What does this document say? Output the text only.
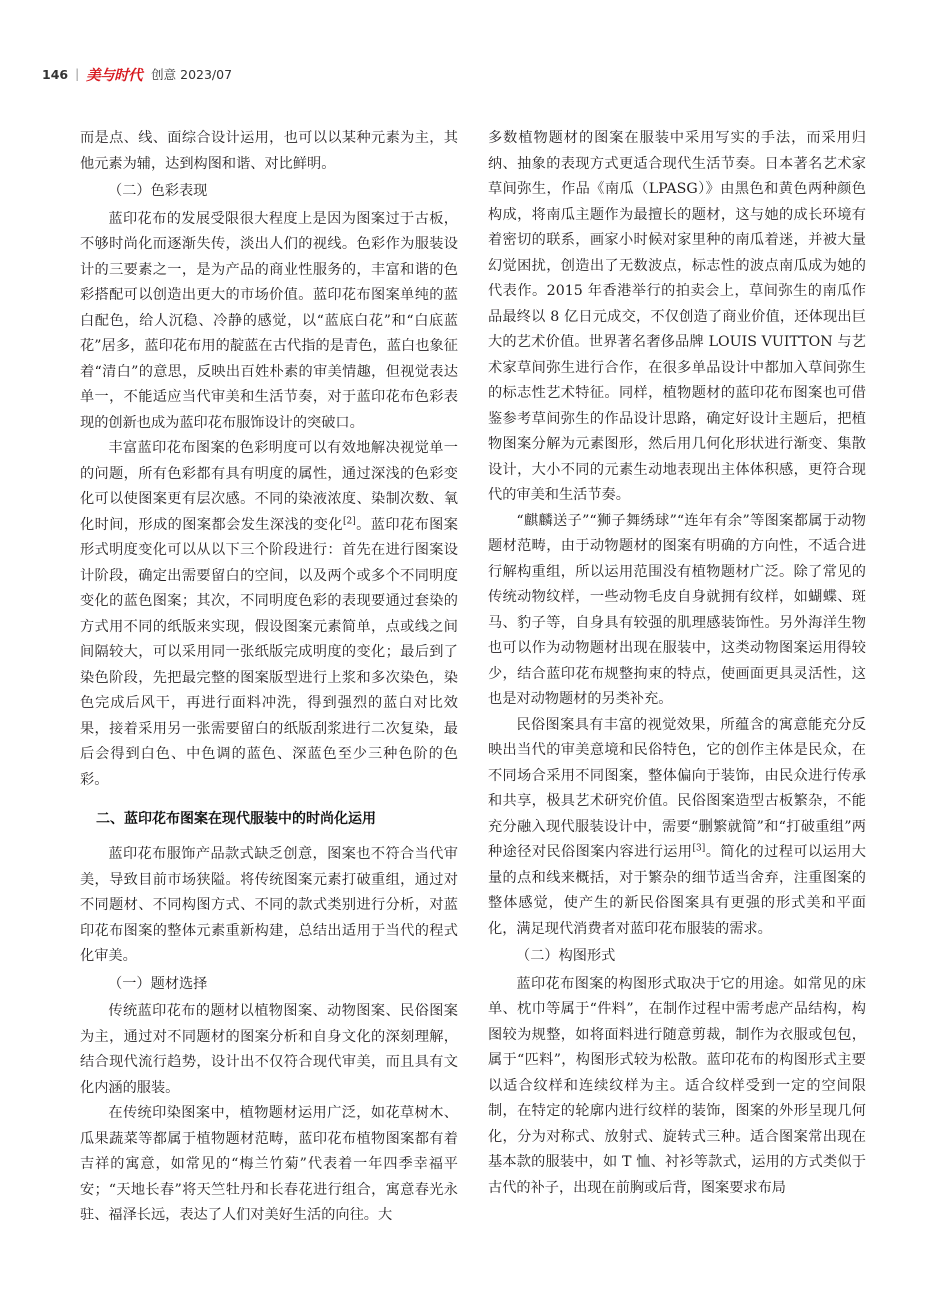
146 | 美与时代 创意 2023/07

而是点、线、面综合设计运用，也可以以某种元素为主，其他元素为辅，达到构图和谐、对比鲜明。

（二）色彩表现

蓝印花布的发展受限很大程度上是因为图案过于古板，不够时尚化而逐渐失传，淡出人们的视线。色彩作为服装设计的三要素之一，是为产品的商业性服务的，丰富和谐的色彩搭配可以创造出更大的市场价值。蓝印花布图案单纯的蓝白配色，给人沉稳、冷静的感觉，以“蓝底白花”和“白底蓝花”居多，蓝印花布用的靛蓝在古代指的是青色，蓝白也象征着“清白”的意思，反映出百姓朴素的审美情趣，但视觉表达单一，不能适应当代审美和生活节奏，对于蓝印花布色彩表现的创新也成为蓝印花布服饰设计的突破口。

丰富蓝印花布图案的色彩明度可以有效地解决视觉单一的问题，所有色彩都有具有明度的属性，通过深浅的色彩变化可以使图案更有层次感。不同的染液浓度、染制次数、氧化时间，形成的图案都会发生深浅的变化[2]。蓝印花布图案形式明度变化可以从以下三个阶段进行：首先在进行图案设计阶段，确定出需要留白的空间，以及两个或多个不同明度变化的蓝色图案；其次，不同明度色彩的表现要通过套染的方式用不同的纸版来实现，假设图案元素简单，点或线之间间隔较大，可以采用同一张纸版完成明度的变化；最后到了染色阶段，先把最完整的图案版型进行上浆和多次染色，染色完成后风干，再进行面料冲洗，得到强烈的蓝白对比效果，接着采用另一张需要留白的纸版刮浆进行二次复染，最后会得到白色、中色调的蓝色、深蓝色至少三种色阶的色彩。

二、蓝印花布图案在现代服装中的时尚化运用

蓝印花布服饰产品款式缺乏创意，图案也不符合当代审美，导致目前市场狭隘。将传统图案元素打破重组，通过对不同题材、不同构图方式、不同的款式类别进行分析，对蓝印花布图案的整体元素重新构建，总结出适用于当代的程式化审美。

（一）题材选择

传统蓝印花布的题材以植物图案、动物图案、民俗图案为主，通过对不同题材的图案分析和自身文化的深刻理解，结合现代流行趋势，设计出不仅符合现代审美，而且具有文化内涵的服装。

在传统印染图案中，植物题材运用广泛，如花草树木、瓜果蔬菜等都属于植物题材范畴，蓝印花布植物图案都有着吉祥的寓意，如常见的“梅兰竹菊”代表着一年四季幸福平安；“天地长春”将天竺牡丹和长春花进行组合，寓意春光永驻、福泽长远，表达了人们对美好生活的向往。大

多数植物题材的图案在服装中采用写实的手法，而采用归纳、抽象的表现方式更适合现代生活节奏。日本著名艺术家草间弥生，作品《南瓜（LPASG）》由黑色和黄色两种颜色构成，将南瓜主题作为最擅长的题材，这与她的成长环境有着密切的联系，画家小时候对家里种的南瓜着迷，并被大量幻觉困扰，创造出了无数波点，标志性的波点南瓜成为她的代表作。2015 年香港举行的拍卖会上，草间弥生的南瓜作品最终以 8 亿日元成交，不仅创造了商业价值，还体现出巨大的艺术价值。世界著名奢侈品牌 LOUIS VUITTON 与艺术家草间弥生进行合作，在很多单品设计中都加入草间弥生的标志性艺术特征。同样，植物题材的蓝印花布图案也可借鉴参考草间弥生的作品设计思路，确定好设计主题后，把植物图案分解为元素图形，然后用几何化形状进行渐变、集散设计，大小不同的元素生动地表现出主体体积感，更符合现代的审美和生活节奏。

“麒麟送子”“狮子舞绣球”“连年有余”等图案都属于动物题材范畴，由于动物题材的图案有明确的方向性，不适合进行解构重组，所以运用范围没有植物题材广泛。除了常见的传统动物纹样，一些动物毛皮自身就拥有纹样，如蝴蝶、斑马、豹子等，自身具有较强的肌理感装饰性。另外海洋生物也可以作为动物题材出现在服装中，这类动物图案运用得较少，结合蓝印花布规整拘束的特点，使画面更具灵活性，这也是对动物题材的另类补充。

民俗图案具有丰富的视觉效果，所蕴含的寓意能充分反映出当代的审美意境和民俗特色，它的创作主体是民众，在不同场合采用不同图案，整体偏向于装饰，由民众进行传承和共享，极具艺术研究价值。民俗图案造型古板繁杂，不能充分融入现代服装设计中，需要“删繁就简”和“打破重组”两种途径对民俗图案内容进行运用[3]。简化的过程可以运用大量的点和线来概括，对于繁杂的细节适当舍弃，注重图案的整体感觉，使产生的新民俗图案具有更强的形式美和平面化，满足现代消费者对蓝印花布服装的需求。

（二）构图形式

蓝印花布图案的构图形式取决于它的用途。如常见的床单、枕巾等属于“件料”，在制作过程中需考虑产品结构，构图较为规整，如将面料进行随意剪裁，制作为衣服或包包，属于“匹料”，构图形式较为松散。蓝印花布的构图形式主要以适合纹样和连续纹样为主。适合纹样受到一定的空间限制，在特定的轮廓内进行纹样的装饰，图案的外形呈现几何化，分为对称式、放射式、旋转式三种。适合图案常出现在基本款的服装中，如 T 恤、衬衫等款式，运用的方式类似于古代的补子，出现在前胸或后背，图案要求布局
